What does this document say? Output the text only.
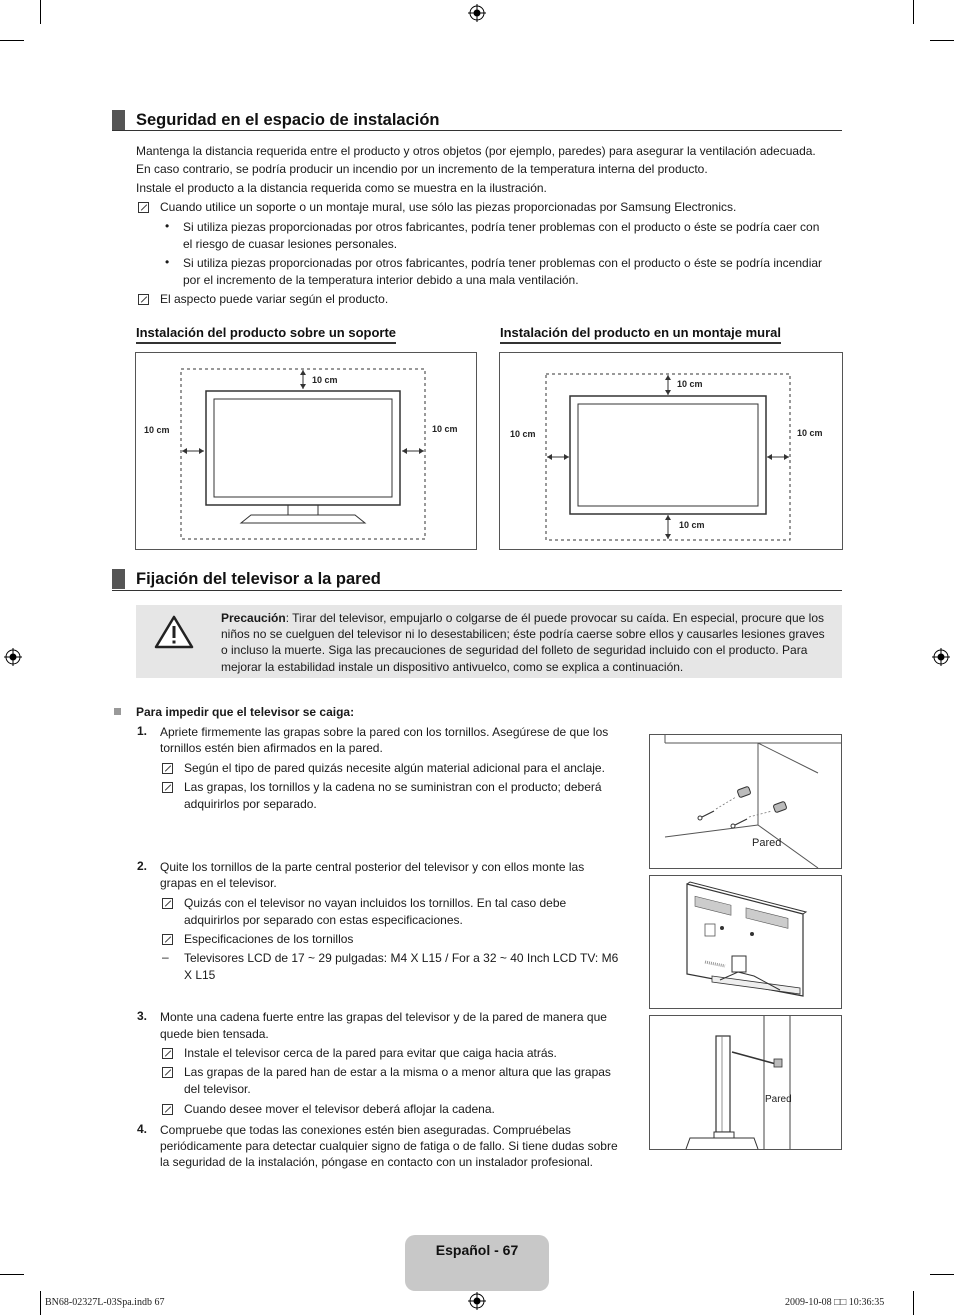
Seguridad en el espacio de instalación
Mantenga la distancia requerida entre el producto y otros objetos (por ejemplo, paredes) para asegurar la ventilación adecuada.
En caso contrario, se podría producir un incendio por un incremento de la temperatura interna del producto.
Instale el producto a la distancia requerida como se muestra en la ilustración.
Cuando utilice un soporte o un montaje mural, use sólo las piezas proporcionadas por Samsung Electronics.
• Si utiliza piezas proporcionadas por otros fabricantes, podría tener problemas con el producto o éste se podría caer con
el riesgo de cuasar lesiones personales.
• Si utiliza piezas proporcionadas por otros fabricantes, podría tener problemas con el producto o éste se podría incendiar
por el incremento de la temperatura interior debido a una mala ventilación.
El aspecto puede variar según el producto.
Instalación del producto sobre un soporte	Instalación del producto en un montaje mural
10 cm
10 cm	10 cm
10 cm
10 cm	10 cm
10 cm
Fijación del televisor a la pared
Precaución: Tirar del televisor, empujarlo o colgarse de él puede provocar su caída. En especial, procure que los
niños no se cuelguen del televisor ni lo desestabilicen; éste podría caerse sobre ellos y causarles lesiones graves
o incluso la muerte. Siga las precauciones de seguridad del folleto de seguridad incluido con el producto. Para
mejorar la estabilidad instale un dispositivo antivuelco, como se explica a continuación.
Para impedir que el televisor se caiga:
1. Apriete firmemente las grapas sobre la pared con los tornillos. Asegúrese de que los
tornillos estén bien afirmados en la pared.
Según el tipo de pared quizás necesite algún material adicional para el anclaje.
Las grapas, los tornillos y la cadena no se suministran con el producto; deberá
adquirirlos por separado.
2. Quite los tornillos de la parte central posterior del televisor y con ellos monte las
grapas en el televisor.
Quizás con el televisor no vayan incluidos los tornillos. En tal caso debe
adquirirlos por separado con estas especificaciones.
Especificaciones de los tornillos
– Televisores LCD de 17 ~ 29 pulgadas: M4 X L15 / For a 32 ~ 40 Inch LCD TV: M6
X L15
3. Monte una cadena fuerte entre las grapas del televisor y de la pared de manera que
quede bien tensada.
Instale el televisor cerca de la pared para evitar que caiga hacia atrás.
Las grapas de la pared han de estar a la misma o a menor altura que las grapas
del televisor.
Cuando desee mover el televisor deberá aflojar la cadena.
4. Compruebe que todas las conexiones estén bien aseguradas. Compruébelas
periódicamente para detectar cualquier signo de fatiga o de fallo. Si tiene dudas sobre
la seguridad de la instalación, póngase en contacto con un instalador profesional.
Pared
Pared
Español - 67
BN68-02327L-03Spa.indb 67	2009-10-08 □□ 10:36:35
